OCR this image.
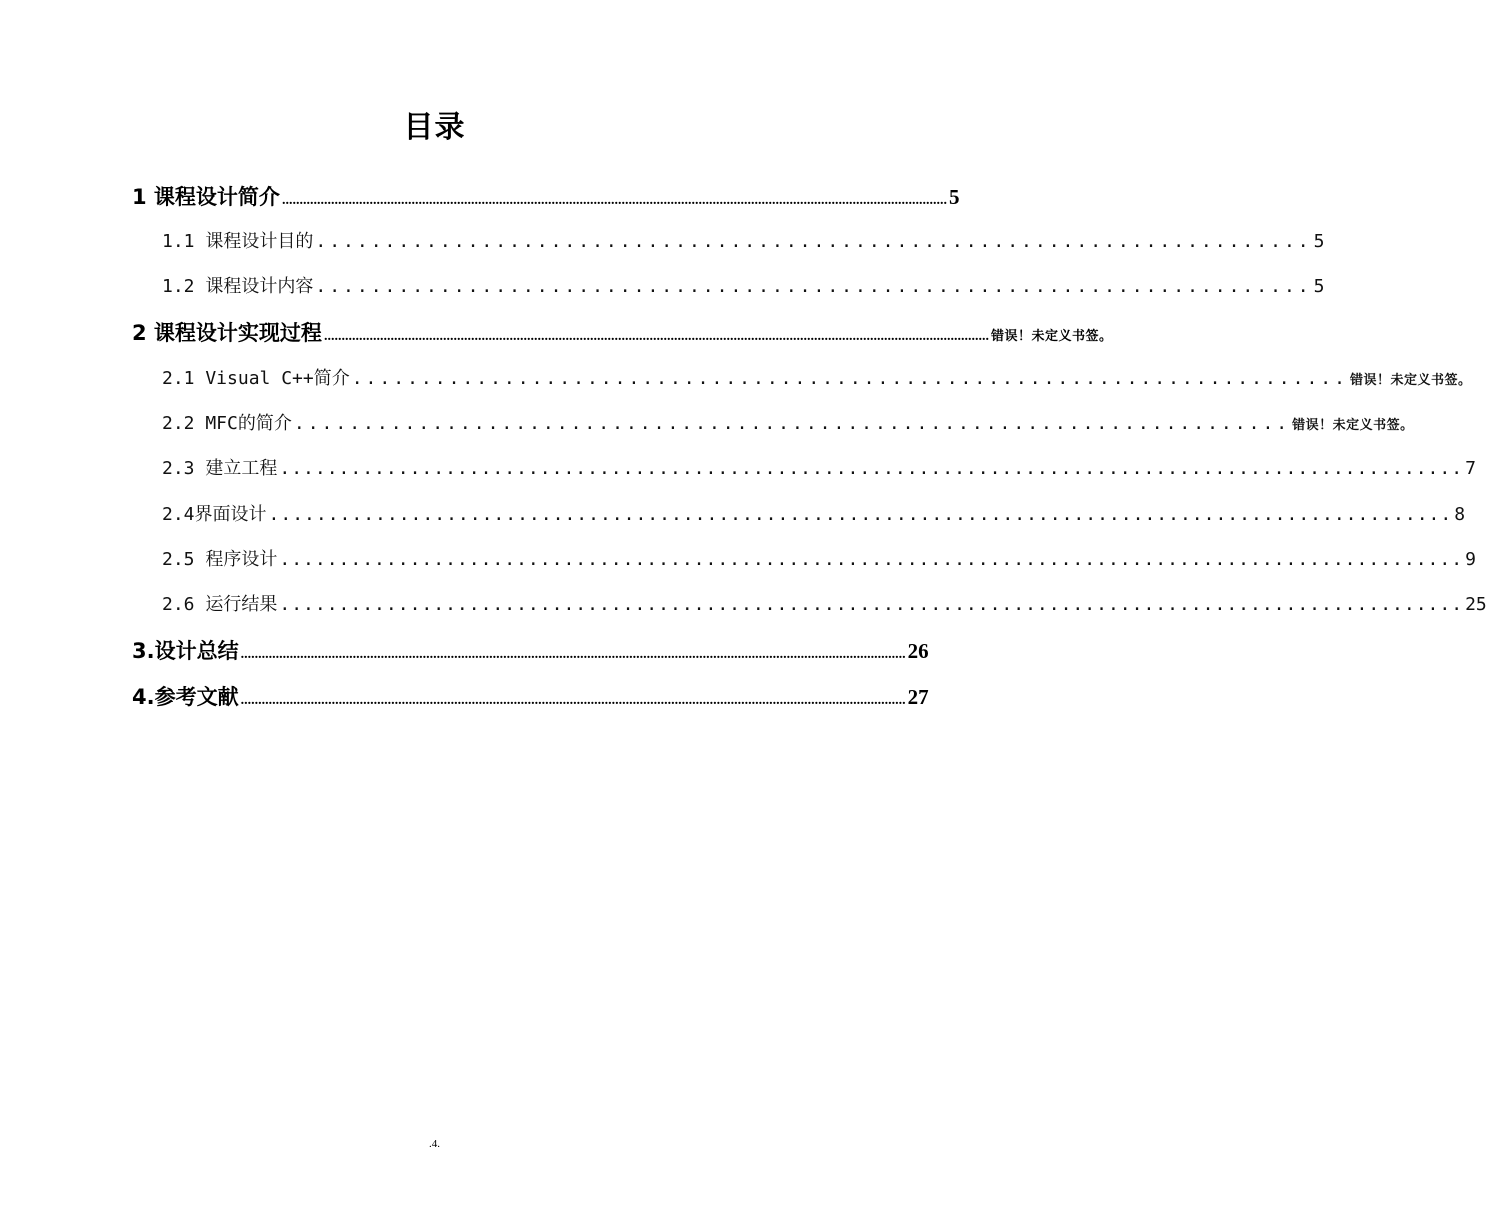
目录
1 课程设计简介 .............................................................................................................................................................................................. 5
1.1 课程设计目的 ........................................................................ 5
1.2 课程设计内容 ........................................................................ 5
2 课程设计实现过程 .............................................................................................................................................................................................. 错误！未定义书签。
2.1 Visual C++简介 ........................................................................ 错误！未定义书签。
2.2 MFC的简介 ........................................................................ 错误！未定义书签。
2.3 建立工程 .................................................................................................... 7
2.4界面设计 .................................................................................................... 8
2.5 程序设计 .................................................................................................... 9
2.6 运行结果 .................................................................................................... 25
3.设计总结 .............................................................................................................................................................................................. 26
4.参考文献 .............................................................................................................................................................................................. 27
.4.
